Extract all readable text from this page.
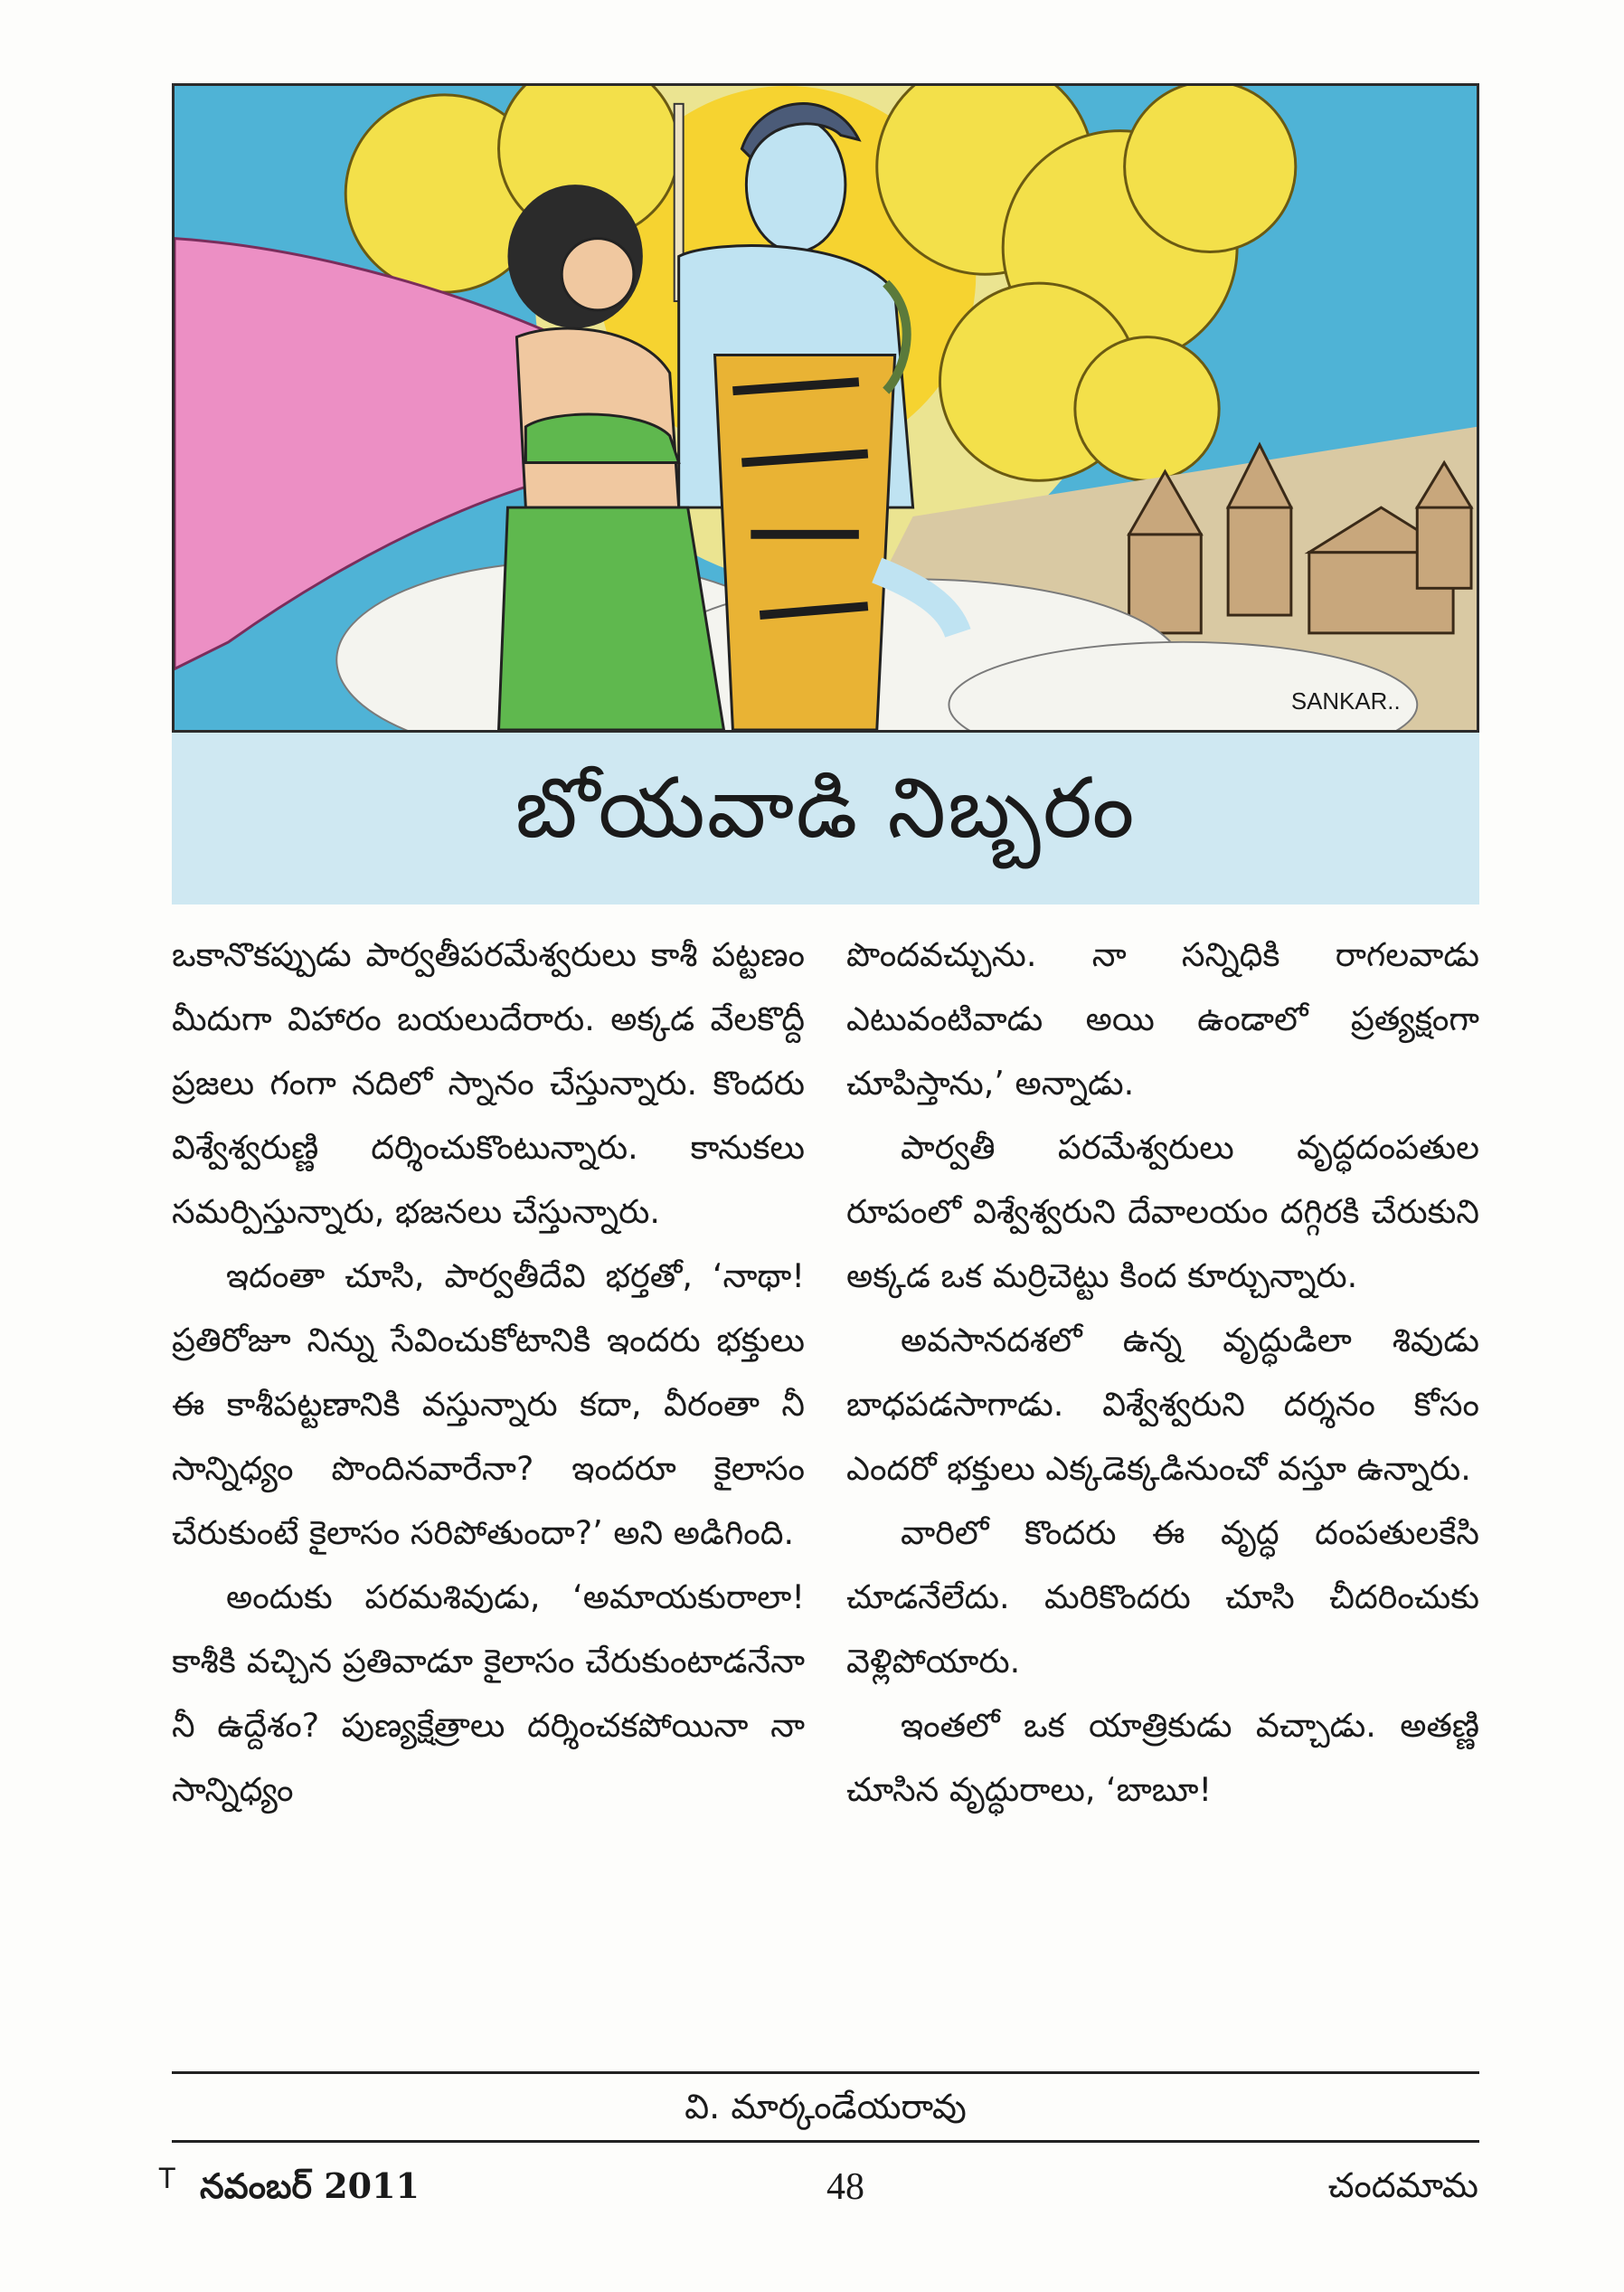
SANKAR..
బోయవాడి నిబ్బరం

ఒకానొకప్పుడు పార్వతీపరమేశ్వరులు కాశీ పట్టణం మీదుగా విహారం బయలుదేరారు. అక్కడ వేలకొద్దీ ప్రజలు గంగా నదిలో స్నానం చేస్తున్నారు. కొందరు విశ్వేశ్వరుణ్ణి దర్శించుకొంటున్నారు. కానుకలు సమర్పిస్తున్నారు, భజనలు చేస్తున్నారు.

ఇదంతా చూసి, పార్వతీదేవి భర్తతో, ‘నాథా! ప్రతిరోజూ నిన్ను సేవించుకోటానికి ఇందరు భక్తులు ఈ కాశీపట్టణానికి వస్తున్నారు కదా, వీరంతా నీ సాన్నిధ్యం పొందినవారేనా? ఇందరూ కైలాసం చేరుకుంటే కైలాసం సరిపోతుందా?’ అని అడిగింది.

అందుకు పరమశివుడు, ‘అమాయకురాలా! కాశీకి వచ్చిన ప్రతివాడూ కైలాసం చేరుకుంటాడనేనా నీ ఉద్దేశం? పుణ్యక్షేత్రాలు దర్శించకపోయినా నా సాన్నిధ్యం

పొందవచ్చును. నా సన్నిధికి రాగలవాడు ఎటువంటివాడు అయి ఉండాలో ప్రత్యక్షంగా చూపిస్తాను,’ అన్నాడు.

పార్వతీ పరమేశ్వరులు వృద్ధదంపతుల రూపంలో విశ్వేశ్వరుని దేవాలయం దగ్గిరకి చేరుకుని అక్కడ ఒక మర్రిచెట్టు కింద కూర్చున్నారు.

అవసానదశలో ఉన్న వృద్ధుడిలా శివుడు బాధపడసాగాడు. విశ్వేశ్వరుని దర్శనం కోసం ఎందరో భక్తులు ఎక్కడెక్కడినుంచో వస్తూ ఉన్నారు.

వారిలో కొందరు ఈ వృద్ధ దంపతులకేసి చూడనేలేదు. మరికొందరు చూసి చీదరించుకు వెళ్లిపోయారు.

ఇంతలో ఒక యాత్రికుడు వచ్చాడు. అతణ్ణి చూసిన వృద్ధురాలు, ‘బాబూ!

వి. మార్కండేయరావు
T నవంబర్ 2011	48	చందమామ
